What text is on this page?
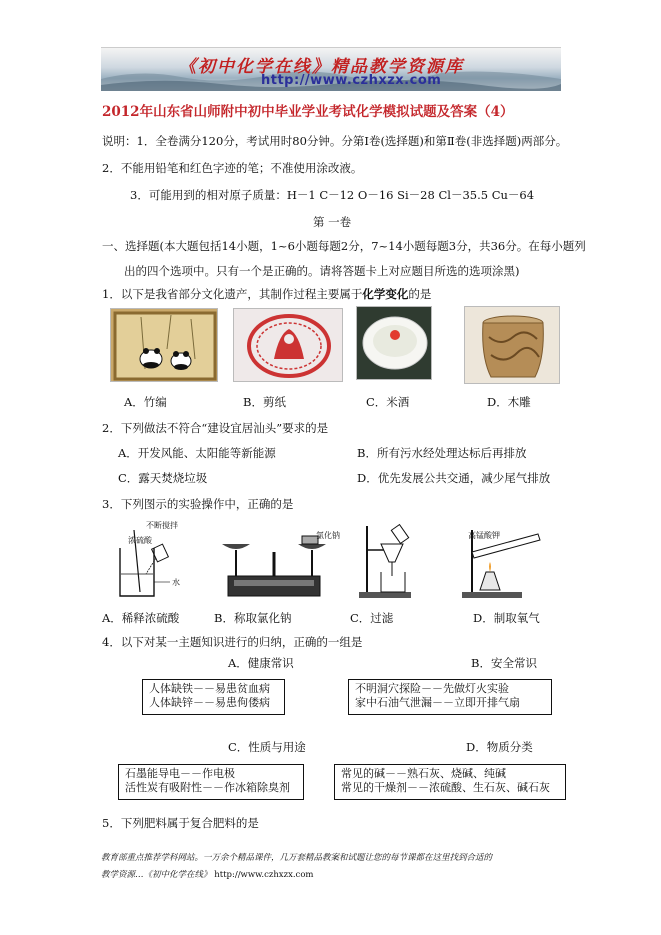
《初中化学在线》精品教学资源库
http://www.czhxzx.com
2012年山东省山师附中初中毕业学业考试化学模拟试题及答案（4）
说明：1．全卷满分120分，考试用时80分钟。分第Ⅰ卷(选择题)和第Ⅱ卷(非选择题)两部分。
2．不能用铅笔和红色字迹的笔；不准使用涂改液。
3．可能用到的相对原子质量：H－1 C－12 O－16 Si－28 Cl－35.5 Cu－64
第 一卷
一、选择题(本大题包括14小题，1~6小题每题2分，7~14小题每题3分，共36分。在每小题列
出的四个选项中。只有一个是正确的。请将答题卡上对应题目所选的选项涂黑)
1．以下是我省部分文化遗产，其制作过程主要属于化学变化的是
A．竹编	B．剪纸	C．米酒	D．木雕
2．下列做法不符合“建设宜居汕头”要求的是
A．开发风能、太阳能等新能源	B．所有污水经处理达标后再排放
C．露天焚烧垃圾	D．优先发展公共交通，减少尾气排放
3．下列图示的实验操作中，正确的是
不断搅拌
浓硫酸
水
氯化钠	高锰酸钾
A．稀释浓硫酸	B．称取氯化钠	C．过滤	D．制取氧气
4．以下对某一主题知识进行的归纳，正确的一组是
A．健康常识	B．安全常识
人体缺铁－－易患贫血病
人体缺锌－－易患佝偻病
不明洞穴探险－－先做灯火实验
家中石油气泄漏－－立即开排气扇
C．性质与用途	D．物质分类
石墨能导电－－作电极
活性炭有吸附性－－作冰箱除臭剂
常见的碱－－熟石灰、烧碱、纯碱
常见的干燥剂－－浓硫酸、生石灰、碱石灰
5．下列肥料属于复合肥料的是
教育部重点推荐学科网站。一万余个精品课件，几万套精品教案和试题让您的每节课都在这里找到合适的
教学资源…《初中化学在线》 http://www.czhxzx.com
